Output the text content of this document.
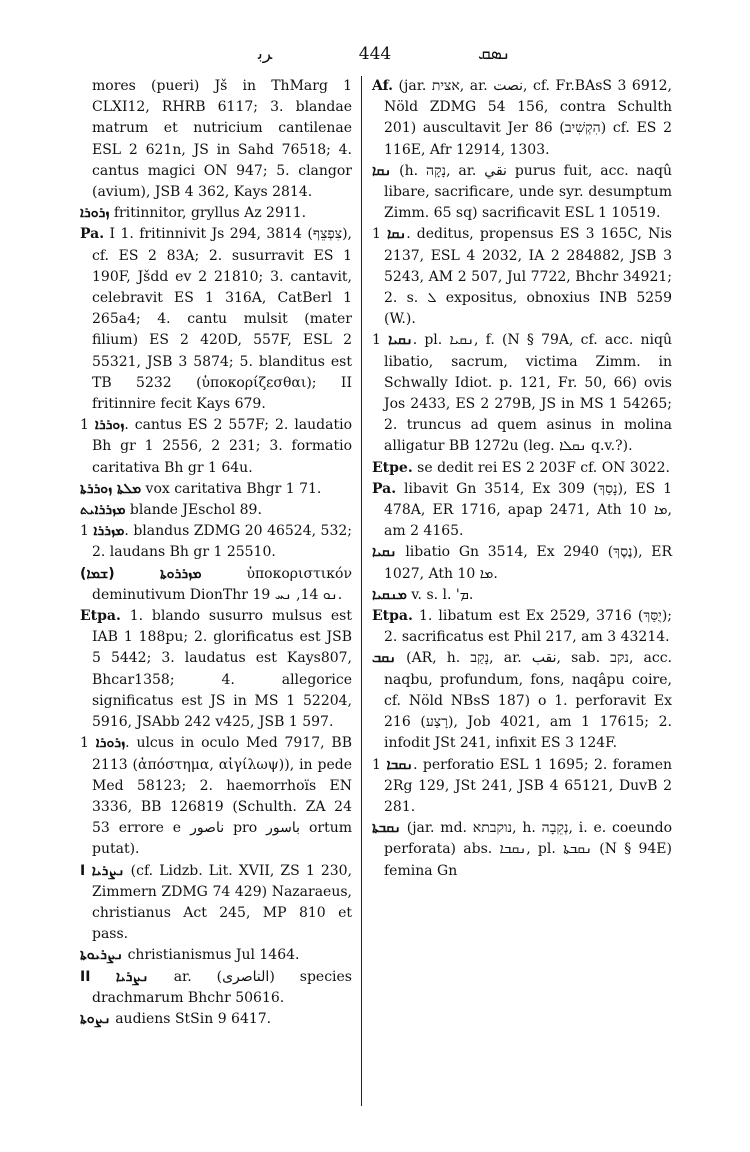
ﺮﺑ	444	ܢܣܩ

mores (pueri) Jš in ThMarg 1 CLXI12, RHRB 6117; 3. blandae matrum et nutricium cantilenae ESL 2 621n, JS in Sahd 76518; 4. cantus magici ON 947; 5. clangor (avium), JSB 4 362, Kays 2814.

ܙܪܘܪܐ fritinnitor, gryllus Az 2911.

Pa. I 1. fritinnivit Js 294, 3814 (צִפְצֵף), cf. ES 2 83A; 2. susurravit ES 1 190F, Jšdd ev 2 21810; 3. cantavit, celebravit ES 1 316A, CatBerl 1 265a4; 4. cantu mulsit (mater filium) ES 2 420D, 557F, ESL 2 55321, JSB 3 5874; 5. blanditus est TB 5232 (ὑποκορίζεσθαι); II fritinnire fecit Kays 679.

ܙܘܪܪܐ 1. cantus ES 2 557F; 2. laudatio Bh gr 1 2556, 2 231; 3. formatio caritativa Bh gr 1 64u.

ܡܠܬܐ ܙܘܪܪܬܐ vox caritativa Bhgr 1 71.

ܡܙܪܪܐܝܬ blande JEschol 89.

ܡܙܪܪܐ 1. blandus ZDMG 20 46524, 532; 2. laudans Bh gr 1 25510.

ܡܙܪܪܘܬܐ (ܫܡܐ)	ὑποκοριστικόν deminutivum DionThr ܢܘ 14, ܢܚ 19.

Etpa. 1. blando susurro mulsus est IAB 1 188pu; 2. glorificatus est JSB 5 5442; 3. laudatus est Kays807, Bhcar1358; 4. allegorice significatus est JS in MS 1 52204, 5916, JSAbb 242 v425, JSB 1 597.

ܙܪܘܪܐ 1. ulcus in oculo Med 7917, BB 2113 (ἀπόστημα, αἰγίλωψ)), in pede Med 58123; 2. haemorrhoïs EN 3336, BB 126819 (Schulth. ZA 24 53 errore e ﻧﺎﺻﻮﺭ pro ﺑﺎﺳﻮﺭ ortum putat).

I ܢܨܪܝܐ (cf. Lidzb. Lit. XVII, ZS 1 230, Zimmern ZDMG 74 429) Nazaraeus, christianus Act 245, MP 810 et pass.

ܢܨܪܝܘܬܐ christianismus Jul 1464.

II ܢܨܪܝܐ ar. (الناصری) species drachmarum Bhchr 50616.

ܢܨܘܬܐ audiens StSin 9 6417.

Af. (jar. אצית, ar. ﻧﺼﺖ, cf. Fr.BAsS 3 6912, Nöld ZDMG 54 156, contra Schulth 201) auscultavit Jer 86 (הִקְשִׁיב) cf. ES 2 116E, Afr 12914, 1303.

ܢܩܐ (h. נָקָה, ar. ﻧﻘﻲ purus fuit, acc. naqû libare, sacrificare, unde syr. desumptum Zimm. 65 sq) sacrificavit ESL 1 10519.

ܢܩܐ 1. deditus, propensus ES 3 165C, Nis 2137, ESL 4 2032, IA 2 284882, JSB 3 5243, AM 2 507, Jul 7722, Bhchr 34921; 2. s. ܠ expositus, obnoxius INB 5259 (W.).

ܢܩܝܐ 1. pl. ܢܩܝܐ, f. (N § 79A, cf. acc. niqû libatio, sacrum, victima Zimm. in Schwally Idiot. p. 121, Fr. 50, 66) ovis Jos 2433, ES 2 279B, JS in MS 1 54265; 2. truncus ad quem asinus in molina alligatur BB 1272u (leg. ܢܩܠܐ q.v.?).

Etpe. se dedit rei ES 2 203F cf. ON 3022.

Pa. libavit Gn 3514, Ex 309 (נָסַךְ), ES 1 478A, ER 1716, apap 2471, Ath ܡܐ 10, am 2 4165.

ܢܩܝܐ libatio Gn 3514, Ex 2940 (נֶסֶךְ), ER 1027, Ath ܡܐ 10.

ܡܢܩܝܐ v. s. l. 'ܡ.

Etpa. 1. libatum est Ex 2529, 3716 (יֻסַּךְ); 2. sacrificatus est Phil 217, am 3 43214.

ܢܩܒ (AR, h. נָקַב, ar. ﻧﻘﺐ, sab. נקב, acc. naqbu, profundum, fons, naqâpu coire, cf. Nöld NBsS 187) o 1. perforavit Ex 216 (רָצַע), Job 4021, am 1 17615; 2. infodit JSt 241, infixit ES 3 124F.

ܢܩܒܐ 1. perforatio ESL 1 1695; 2. foramen 2Rg 129, JSt 241, JSB 4 65121, DuvB 2 281.

ܢܩܒܬܐ (jar. md. נוקבתא, h. נְקֵבָה, i. e. coeundo perforata) abs. ܢܩܒܐ, pl. ܢܩܒܬܐ (N § 94E) femina Gn
